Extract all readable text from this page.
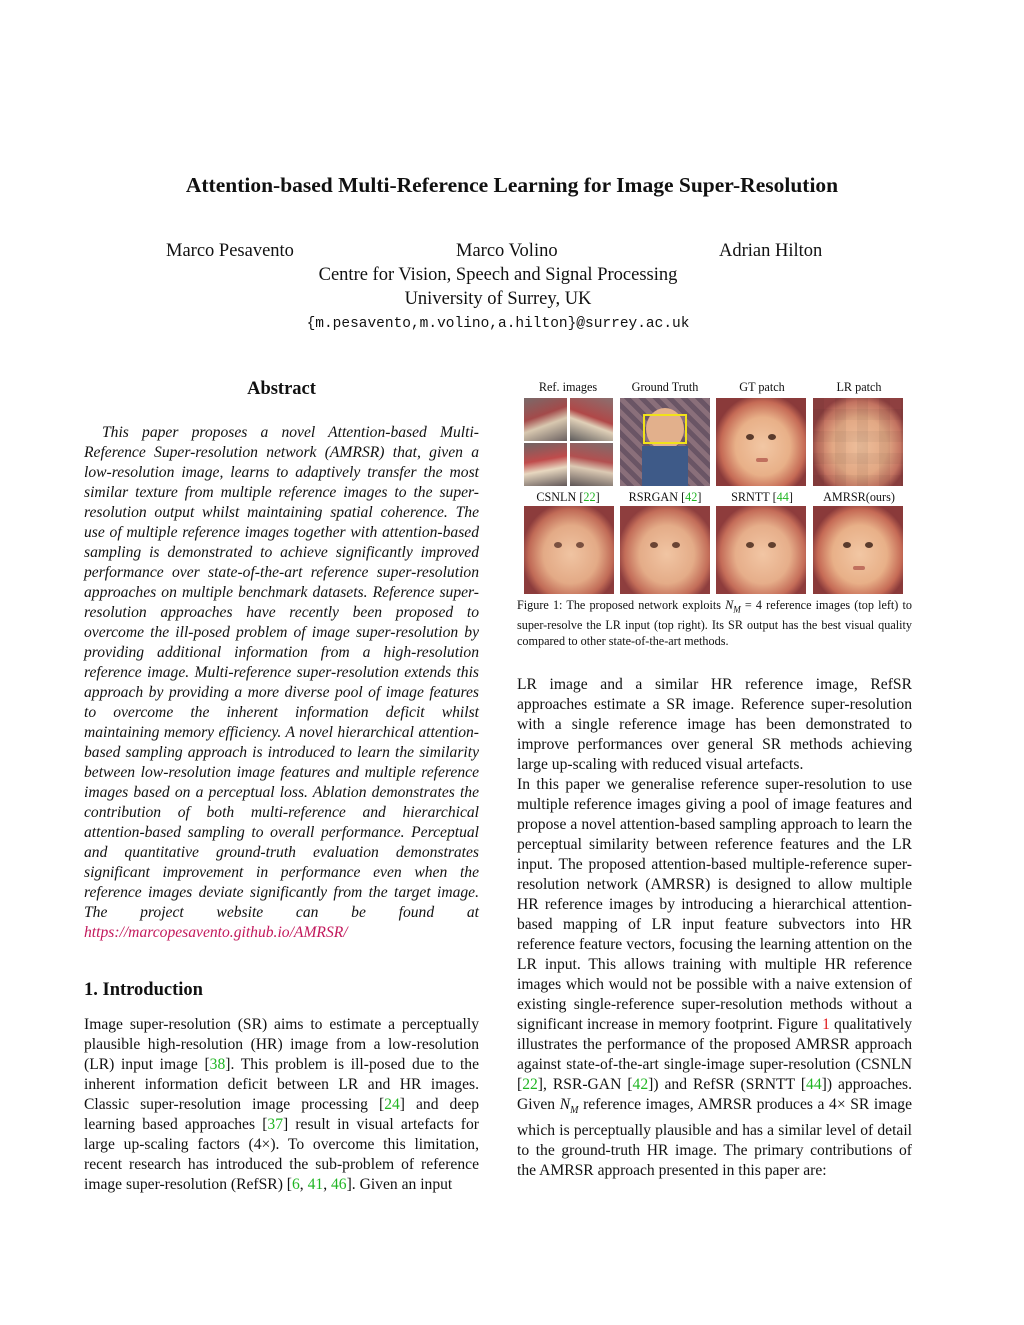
Attention-based Multi-Reference Learning for Image Super-Resolution
Marco Pesavento	Marco Volino	Adrian Hilton
Centre for Vision, Speech and Signal Processing
University of Surrey, UK
{m.pesavento,m.volino,a.hilton}@surrey.ac.uk
Abstract
This paper proposes a novel Attention-based Multi-Reference Super-resolution network (AMRSR) that, given a low-resolution image, learns to adaptively transfer the most similar texture from multiple reference images to the super-resolution output whilst maintaining spatial coherence. The use of multiple reference images together with attention-based sampling is demonstrated to achieve significantly improved performance over state-of-the-art reference super-resolution approaches on multiple benchmark datasets. Reference super-resolution approaches have recently been proposed to overcome the ill-posed problem of image super-resolution by providing additional information from a high-resolution reference image. Multi-reference super-resolution extends this approach by providing a more diverse pool of image features to overcome the inherent information deficit whilst maintaining memory efficiency. A novel hierarchical attention-based sampling approach is introduced to learn the similarity between low-resolution image features and multiple reference images based on a perceptual loss. Ablation demonstrates the contribution of both multi-reference and hierarchical attention-based sampling to overall performance. Perceptual and quantitative ground-truth evaluation demonstrates significant improvement in performance even when the reference images deviate significantly from the target image. The project website can be found at https://marcopesavento.github.io/AMRSR/
1. Introduction
Image super-resolution (SR) aims to estimate a perceptually plausible high-resolution (HR) image from a low-resolution (LR) input image [38]. This problem is ill-posed due to the inherent information deficit between LR and HR images. Classic super-resolution image processing [24] and deep learning based approaches [37] result in visual artefacts for large up-scaling factors (4×). To overcome this limitation, recent research has introduced the sub-problem of reference image super-resolution (RefSR) [6, 41, 46]. Given an input
LR image and a similar HR reference image, RefSR approaches estimate a SR image. Reference super-resolution with a single reference image has been demonstrated to improve performances over general SR methods achieving large up-scaling with reduced visual artefacts.
In this paper we generalise reference super-resolution to use multiple reference images giving a pool of image features and propose a novel attention-based sampling approach to learn the perceptual similarity between reference features and the LR input. The proposed attention-based multiple-reference super-resolution network (AMRSR) is designed to allow multiple HR reference images by introducing a hierarchical attention-based mapping of LR input feature subvectors into HR reference feature vectors, focusing the learning attention on the LR input. This allows training with multiple HR reference images which would not be possible with a naive extension of existing single-reference super-resolution methods without a significant increase in memory footprint. Figure 1 qualitatively illustrates the performance of the proposed AMRSR approach against state-of-the-art single-image super-resolution (CSNLN [22], RSR-GAN [42]) and RefSR (SRNTT [44]) approaches. Given $N_M$ reference images, AMRSR produces a 4× SR image which is perceptually plausible and has a similar level of detail to the ground-truth HR image. The primary contributions of the AMRSR approach presented in this paper are:
Ref. images	Ground Truth	GT patch	LR patch
CSNLN [22]	RSRGAN [42]	SRNTT [44]	AMRSR(ours)
Figure 1: The proposed network exploits $N_M = 4$ reference images (top left) to super-resolve the LR input (top right). Its SR output has the best visual quality compared to other state-of-the-art methods.
